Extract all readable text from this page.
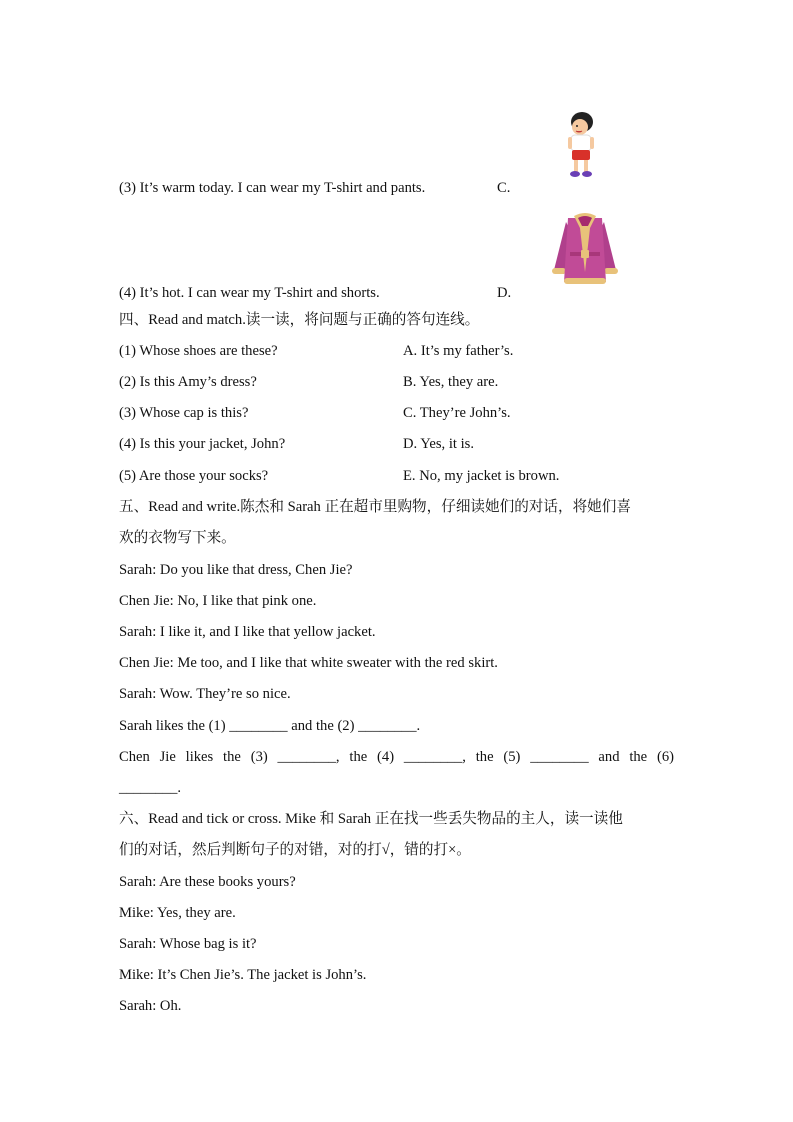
(3) It’s warm today. I can wear my T-shirt and pants.	C.
(4) It’s hot. I can wear my T-shirt and shorts.	D.
四、Read and match.读一读，将问题与正确的答句连线。
(1) Whose shoes are these?	A. It’s my father’s.
(2) Is this Amy’s dress?	B. Yes, they are.
(3) Whose cap is this?	C. They’re John’s.
(4) Is this your jacket, John?	D. Yes, it is.
(5) Are those your socks?	E. No, my jacket is brown.
五、Read and write.陈杰和 Sarah 正在超市里购物，仔细读她们的对话，将她们喜
欢的衣物写下来。
Sarah: Do you like that dress, Chen Jie?
Chen Jie: No, I like that pink one.
Sarah: I like it, and I like that yellow jacket.
Chen Jie: Me too, and I like that white sweater with the red skirt.
Sarah: Wow. They’re so nice.
Sarah likes the (1) ________ and the (2) ________.
Chen Jie likes the (3) ________, the (4) ________, the (5) ________ and the (6)
________.
六、Read and tick or cross. Mike 和 Sarah 正在找一些丢失物品的主人，读一读他
们的对话，然后判断句子的对错，对的打√，错的打×。
Sarah: Are these books yours?
Mike: Yes, they are.
Sarah: Whose bag is it?
Mike: It’s Chen Jie’s. The jacket is John’s.
Sarah: Oh.
